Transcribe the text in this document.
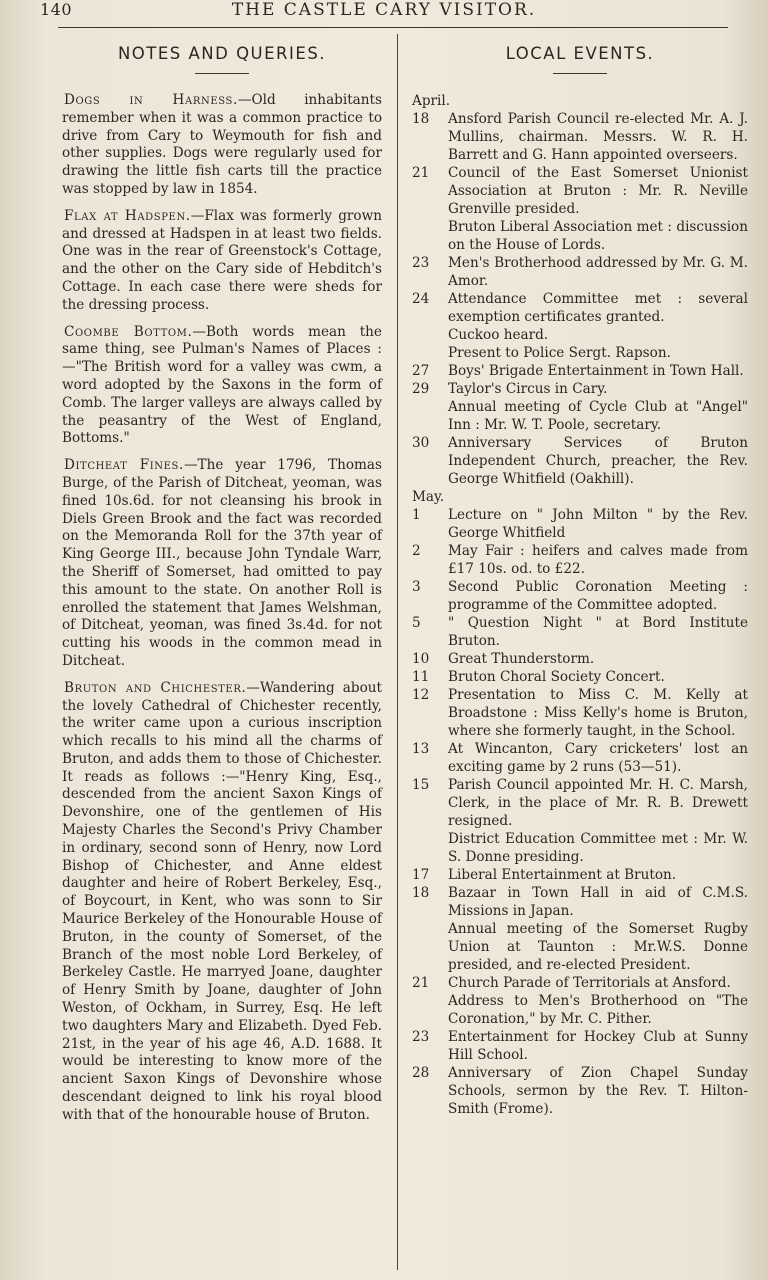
140	THE CASTLE CARY VISITOR.
NOTES AND QUERIES.

Dogs in Harness.—Old inhabitants remember when it was a common practice to drive from Cary to Weymouth for fish and other supplies. Dogs were regularly used for drawing the little fish carts till the practice was stopped by law in 1854.

Flax at Hadspen.—Flax was formerly grown and dressed at Hadspen in at least two fields. One was in the rear of Greenstock's Cottage, and the other on the Cary side of Hebditch's Cottage. In each case there were sheds for the dressing process.

Coombe Bottom.—Both words mean the same thing, see Pulman's Names of Places :—"The British word for a valley was cwm, a word adopted by the Saxons in the form of Comb. The larger valleys are always called by the peasantry of the West of England, Bottoms."

Ditcheat Fines.—The year 1796, Thomas Burge, of the Parish of Ditcheat, yeoman, was fined 10s.6d. for not cleansing his brook in Diels Green Brook and the fact was recorded on the Memoranda Roll for the 37th year of King George III., because John Tyndale Warr, the Sheriff of Somerset, had omitted to pay this amount to the state. On another Roll is enrolled the statement that James Welshman, of Ditcheat, yeoman, was fined 3s.4d. for not cutting his woods in the common mead in Ditcheat.

Bruton and Chichester.—Wandering about the lovely Cathedral of Chichester recently, the writer came upon a curious inscription which recalls to his mind all the charms of Bruton, and adds them to those of Chichester. It reads as follows :—"Henry King, Esq., descended from the ancient Saxon Kings of Devonshire, one of the gentlemen of His Majesty Charles the Second's Privy Chamber in ordinary, second sonn of Henry, now Lord Bishop of Chichester, and Anne eldest daughter and heire of Robert Berkeley, Esq., of Boycourt, in Kent, who was sonn to Sir Maurice Berkeley of the Honourable House of Bruton, in the county of Somerset, of the Branch of the most noble Lord Berkeley, of Berkeley Castle. He marryed Joane, daughter of Henry Smith by Joane, daughter of John Weston, of Ockham, in Surrey, Esq. He left two daughters Mary and Elizabeth. Dyed Feb. 21st, in the year of his age 46, A.D. 1688. It would be interesting to know more of the ancient Saxon Kings of Devonshire whose descendant deigned to link his royal blood with that of the honourable house of Bruton.

LOCAL EVENTS.

April.

18	Ansford Parish Council re-elected Mr. A. J. Mullins, chairman. Messrs. W. R. H. Barrett and G. Hann appointed overseers.
21	Council of the East Somerset Unionist Association at Bruton : Mr. R. Neville Grenville presided.
Bruton Liberal Association met : discussion on the House of Lords.
23	Men's Brotherhood addressed by Mr. G. M. Amor.
24	Attendance Committee met : several exemption certificates granted.
Cuckoo heard.
Present to Police Sergt. Rapson.
27	Boys' Brigade Entertainment in Town Hall.
29	Taylor's Circus in Cary.
Annual meeting of Cycle Club at "Angel" Inn : Mr. W. T. Poole, secretary.
30	Anniversary Services of Bruton Independent Church, preacher, the Rev. George Whitfield (Oakhill).

May.

1	Lecture on " John Milton " by the Rev. George Whitfield
2	May Fair : heifers and calves made from £17 10s. od. to £22.
3	Second Public Coronation Meeting : programme of the Committee adopted.
5	" Question Night " at Bord Institute Bruton.
10	Great Thunderstorm.
11	Bruton Choral Society Concert.
12	Presentation to Miss C. M. Kelly at Broadstone : Miss Kelly's home is Bruton, where she formerly taught, in the School.
13	At Wincanton, Cary cricketers' lost an exciting game by 2 runs (53—51).
15	Parish Council appointed Mr. H. C. Marsh, Clerk, in the place of Mr. R. B. Drewett resigned.
District Education Committee met : Mr. W. S. Donne presiding.
17	Liberal Entertainment at Bruton.
18	Bazaar in Town Hall in aid of C.M.S. Missions in Japan.
Annual meeting of the Somerset Rugby Union at Taunton : Mr.W.S. Donne presided, and re-elected President.
21	Church Parade of Territorials at Ansford.
Address to Men's Brotherhood on "The Coronation," by Mr. C. Pither.
23	Entertainment for Hockey Club at Sunny Hill School.
28	Anniversary of Zion Chapel Sunday Schools, sermon by the Rev. T. Hilton-Smith (Frome).
